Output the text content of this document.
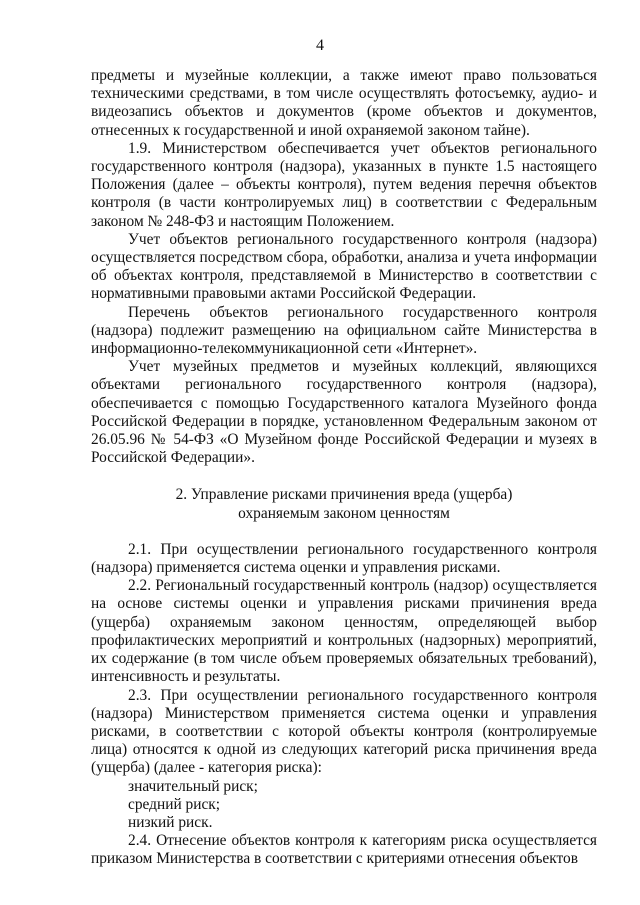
4

предметы и музейные коллекции, а также имеют право пользоваться техническими средствами, в том числе осуществлять фотосъемку, аудио- и видеозапись объектов и документов (кроме объектов и документов, отнесенных к государственной и иной охраняемой законом тайне).

1.9. Министерством обеспечивается учет объектов регионального государственного контроля (надзора), указанных в пункте 1.5 настоящего Положения (далее – объекты контроля), путем ведения перечня объектов контроля (в части контролируемых лиц) в соответствии с Федеральным законом № 248-ФЗ и настоящим Положением.

Учет объектов регионального государственного контроля (надзора) осуществляется посредством сбора, обработки, анализа и учета информации об объектах контроля, представляемой в Министерство в соответствии с нормативными правовыми актами Российской Федерации.

Перечень объектов регионального государственного контроля (надзора) подлежит размещению на официальном сайте Министерства в информационно-телекоммуникационной сети «Интернет».

Учет музейных предметов и музейных коллекций, являющихся объектами регионального государственного контроля (надзора), обеспечивается с помощью Государственного каталога Музейного фонда Российской Федерации в порядке, установленном Федеральным законом от 26.05.96 № 54-ФЗ «О Музейном фонде Российской Федерации и музеях в Российской Федерации».

2. Управление рисками причинения вреда (ущерба)
охраняемым законом ценностям

2.1. При осуществлении регионального государственного контроля (надзора) применяется система оценки и управления рисками.

2.2. Региональный государственный контроль (надзор) осуществляется на основе системы оценки и управления рисками причинения вреда (ущерба) охраняемым законом ценностям, определяющей выбор профилактических мероприятий и контрольных (надзорных) мероприятий, их содержание (в том числе объем проверяемых обязательных требований), интенсивность и результаты.

2.3. При осуществлении регионального государственного контроля (надзора) Министерством применяется система оценки и управления рисками, в соответствии с которой объекты контроля (контролируемые лица) относятся к одной из следующих категорий риска причинения вреда (ущерба) (далее - категория риска):

значительный риск;

средний риск;

низкий риск.

2.4. Отнесение объектов контроля к категориям риска осуществляется приказом Министерства в соответствии с критериями отнесения объектов
